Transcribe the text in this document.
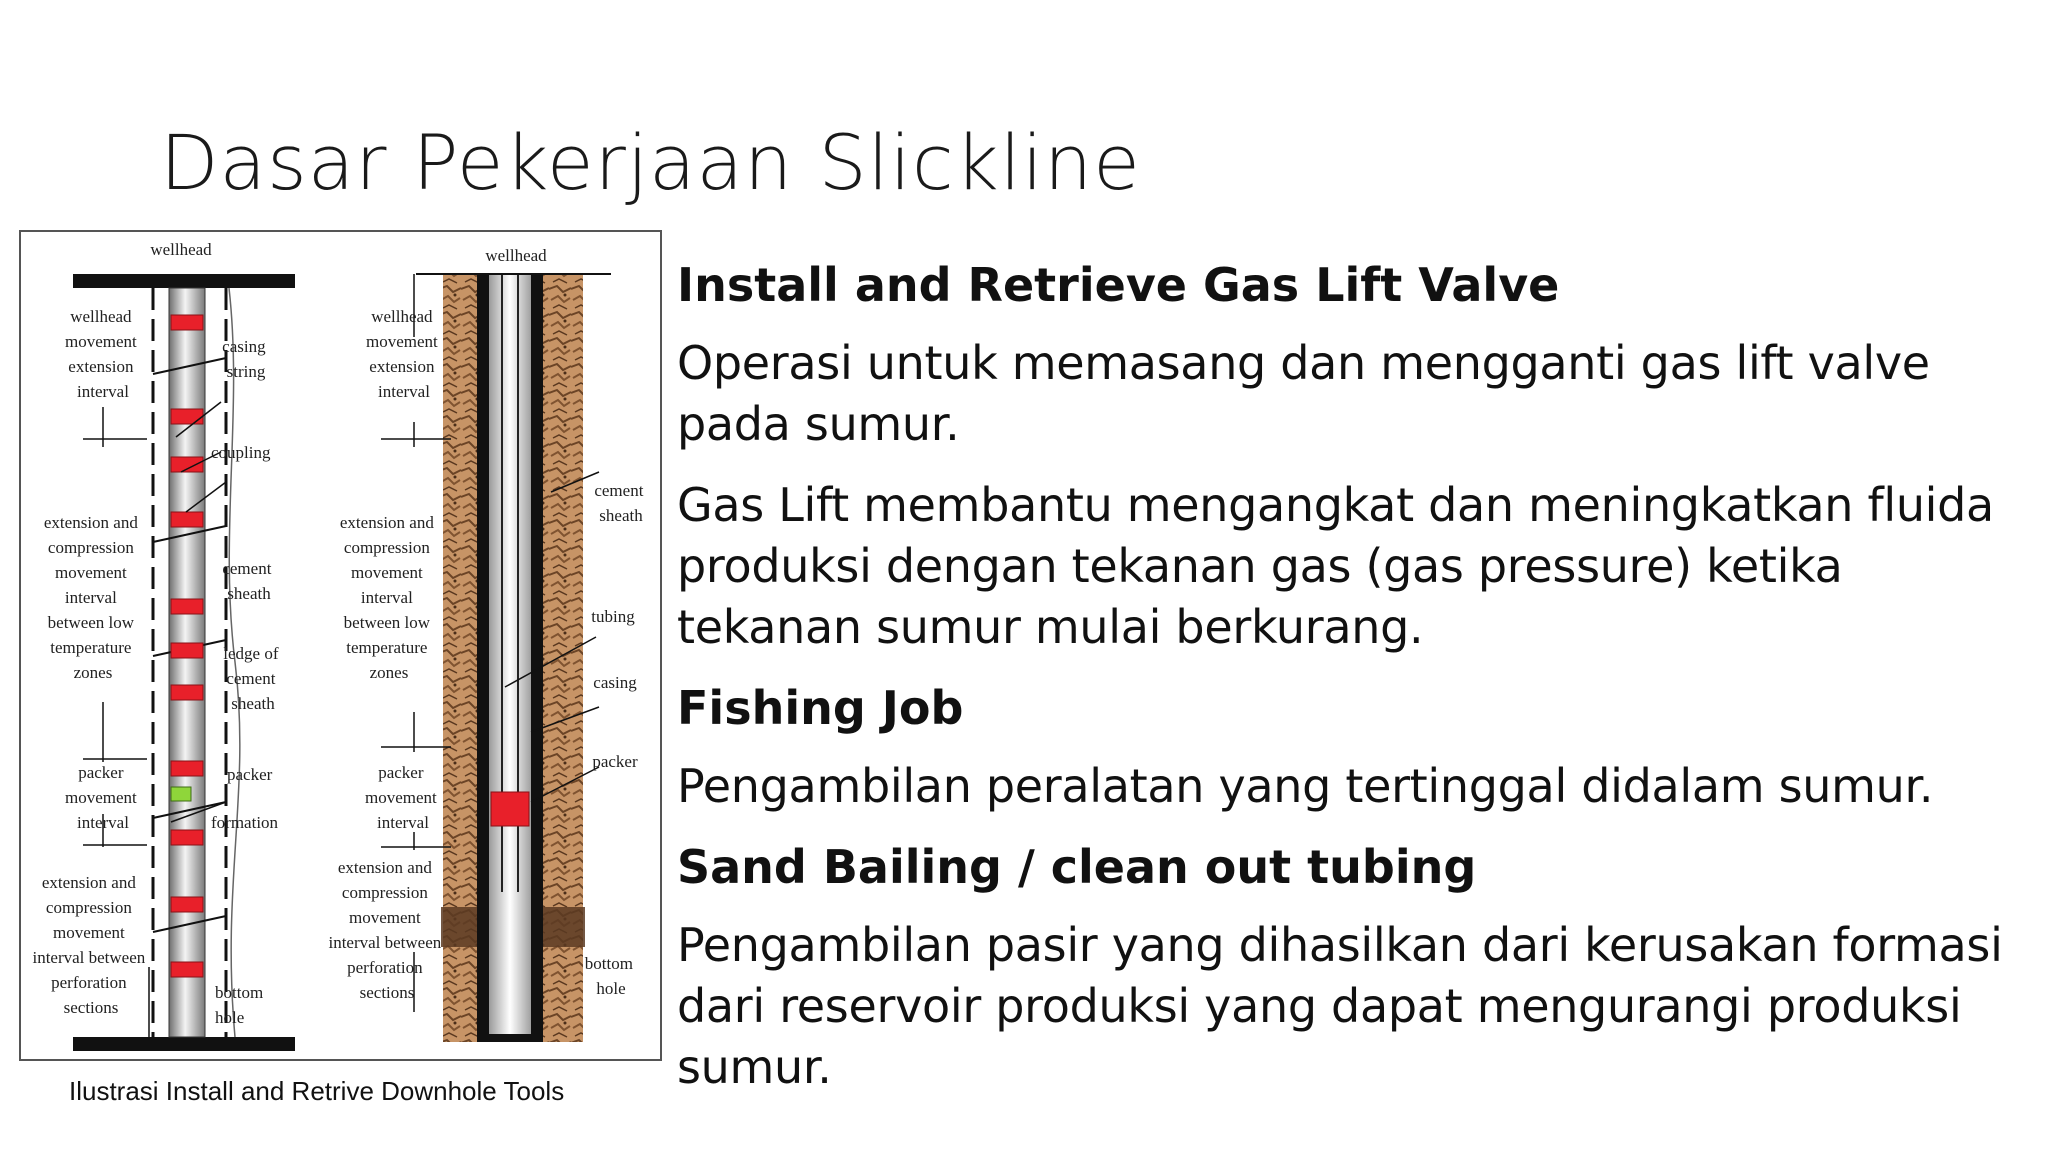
Dasar Pekerjaan Slickline
wellhead
wellhead movement extension interval
casing string
coupling
extension and compression movement interval between low temperature zones
cement sheath
ledge of cement sheath
packer movement interval
packer
formation
extension and compression movement interval between perforation sections
bottom hole
wellhead
wellhead movement extension interval
cement sheath
extension and compression movement interval between low temperature zones
tubing
casing
packer movement interval
packer
extension and compression movement interval between perforation sections
bottom hole
Ilustrasi Install and Retrive Downhole Tools
Install and Retrieve Gas Lift Valve
Operasi untuk memasang dan mengganti gas lift valve pada sumur.
Gas Lift membantu mengangkat dan meningkatkan fluida produksi dengan tekanan gas (gas pressure) ketika tekanan sumur mulai berkurang.
Fishing Job
Pengambilan peralatan yang tertinggal didalam sumur.
Sand Bailing / clean out tubing
Pengambilan pasir yang dihasilkan dari kerusakan formasi dari reservoir produksi yang dapat mengurangi produksi sumur.
